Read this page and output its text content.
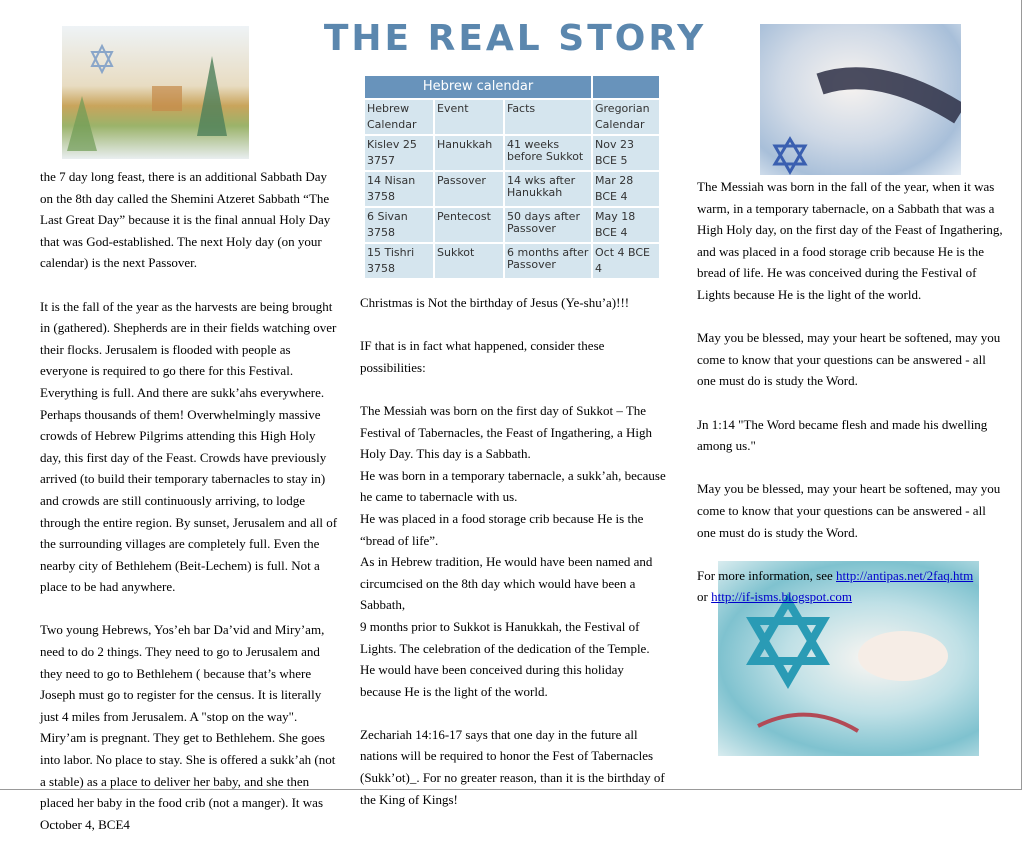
THE REAL STORY

the 7 day long feast, there is an additional Sabbath Day on the 8th day called the Shemini Atzeret Sabbath “The Last Great Day” because it is the final annual Holy Day that was God-established. The next Holy day (on your calendar) is the next Passover.

It is the fall of the year as the harvests are being brought in (gathered). Shepherds are in their fields watching over their flocks. Jerusalem is flooded with people as everyone is required to go there for this Festival. Everything is full. And there are sukk’ahs everywhere. Perhaps thousands of them! Overwhelmingly massive crowds of Hebrew Pilgrims attending this High Holy day, this first day of the Feast. Crowds have previously arrived (to build their temporary tabernacles to stay in) and crowds are still continuously arriving, to lodge through the entire region. By sunset, Jerusalem and all of the surrounding villages are completely full. Even the nearby city of Bethlehem (Beit-Lechem) is full. Not a place to be had anywhere.

Two young Hebrews, Yos’eh bar Da’vid and Miry’am, need to do 2 things. They need to go to Jerusalem and they need to go to Bethlehem ( because that’s where Joseph must go to register for the census. It is literally just 4 miles from Jerusalem. A "stop on the way". Miry’am is pregnant. They get to Bethlehem. She goes into labor. No place to stay. She is offered a sukk’ah (not a stable) as a place to deliver her baby, and she then placed her baby in the food crib (not a manger). It was October 4, BCE4

Hebrew calendar			
Hebrew Calendar	Event	Facts	Gregorian Calendar
Kislev 25 3757	Hanukkah	41 weeks before Sukkot	Nov 23 BCE 5
14 Nisan 3758	Passover	14 wks after Hanukkah	Mar 28 BCE 4
6 Sivan 3758	Pentecost	50 days after Passover	May 18 BCE 4
15 Tishri 3758	Sukkot	6 months after Passover	Oct 4 BCE 4

Christmas is Not the birthday of Jesus (Ye-shu’a)!!!

IF that is in fact what happened, consider these possibilities:

The Messiah was born on the first day of Sukkot – The Festival of Tabernacles, the Feast of Ingathering, a High Holy Day. This day is a Sabbath.
He was born in a temporary tabernacle, a sukk’ah, because he came to tabernacle with us.
He was placed in a food storage crib because He is the “bread of life”.
As in Hebrew tradition, He would have been named and circumcised on the 8th day which would have been a Sabbath,
9 months prior to Sukkot is Hanukkah, the Festival of Lights. The celebration of the dedication of the Temple. He would have been conceived during this holiday because He is the light of the world.

Zechariah 14:16-17 says that one day in the future all nations will be required to honor the Fest of Tabernacles (Sukk’ot)_. For no greater reason, than it is the birthday of the King of Kings!

The Messiah was born in the fall of the year, when it was warm, in a temporary tabernacle, on a Sabbath that was a High Holy day, on the first day of the Feast of Ingathering, and was placed in a food storage crib because He is the bread of life. He was conceived during the Festival of Lights because He is the light of the world.

May you be blessed, may your heart be softened, may you come to know that your questions can be answered - all one must do is study the Word.

Jn 1:14 "The Word became flesh and made his dwelling among us."

May you be blessed, may your heart be softened, may you come to know that your questions can be answered - all one must do is study the Word.

For more information, see http://antipas.net/2faq.htm
or http://if-isms.blogspot.com
